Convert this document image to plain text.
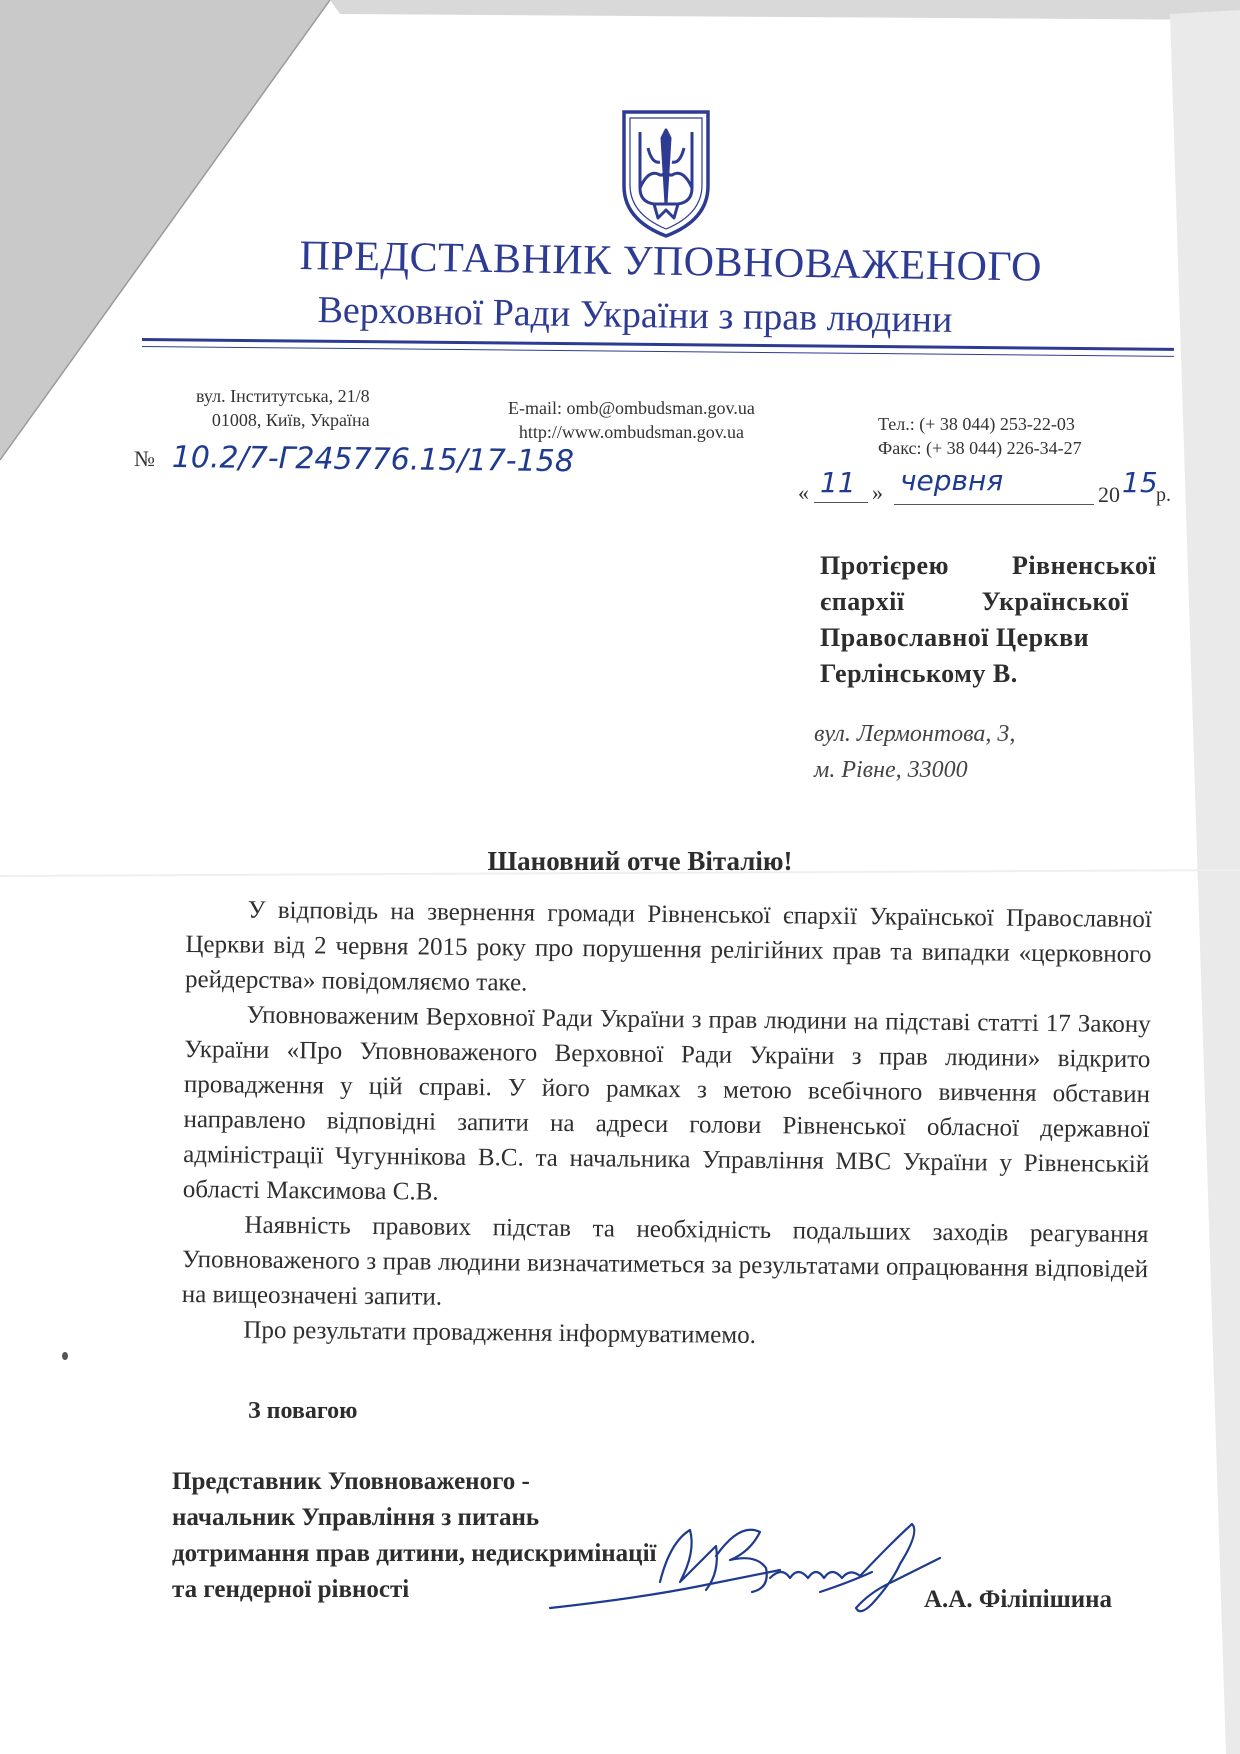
ПРЕДСТАВНИК УПОВНОВАЖЕНОГО
Верховної Ради України з прав людини
вул. Інститутська, 21/8
01008, Київ, Україна
E-mail: omb@ombudsman.gov.ua
http://www.ombudsman.gov.ua	Тел.: (+ 38 044) 253-22-03
Факс: (+ 38 044) 226-34-27
№ 10.2/7-Г245776.15/17-158
« 11 » червня	20 15
р.
Протієрею         Рівненської
єпархії           Української
Православної Церкви
Герлінському В.
вул. Лермонтова, 3,
м. Рівне, 33000
Шановний отче Віталію!

У відповідь на звернення громади Рівненської єпархії Української Православної Церкви від 2 червня 2015 року про порушення релігійних прав та випадки «церковного рейдерства» повідомляємо таке.

Уповноваженим Верховної Ради України з прав людини на підставі статті 17 Закону України «Про Уповноваженого Верховної Ради України з прав людини» відкрито провадження у цій справі. У його рамках з метою всебічного вивчення обставин направлено відповідні запити на адреси голови Рівненської обласної державної адміністрації Чугуннікова В.С. та начальника Управління МВС України у Рівненській області Максимова С.В.

Наявність правових підстав та необхідність подальших заходів реагування Уповноваженого з прав людини визначатиметься за результатами опрацювання відповідей на вищеозначені запити.

Про результати провадження інформуватимемо.

З повагою
Представник Уповноваженого -
начальник Управління з питань
дотримання прав дитини, недискримінації
та гендерної рівності	А.А. Філіпішина
